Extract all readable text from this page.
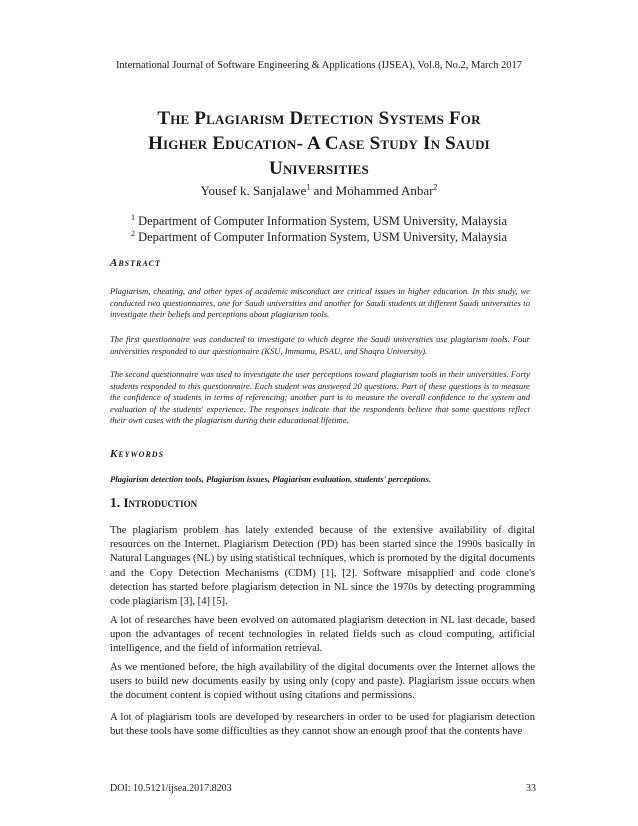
International Journal of Software Engineering & Applications (IJSEA), Vol.8, No.2, March 2017
The Plagiarism Detection Systems For
Higher Education- A Case Study In Saudi
Universities
Yousef k. Sanjalawe$^1$ and Mohammed Anbar$^2$
$^1$ Department of Computer Information System, USM University, Malaysia
$^2$ Department of Computer Information System, USM University, Malaysia
Abstract

Plagiarism, cheating, and other types of academic misconduct are critical issues in higher education. In this study, we conducted two questionnaires, one for Saudi universities and another for Saudi students at different Saudi universities to investigate their beliefs and perceptions about plagiarism tools.

The first questionnaire was conducted to investigate to which degree the Saudi universities use plagiarism tools. Four universities responded to our questionnaire (KSU, Immamu, PSAU, and Shaqra University).

The second questionnaire was used to investigate the user perceptions toward plagiarism tools in their universities. Forty students responded to this questionnaire. Each student was answered 20 questions. Part of these questions is to measure the confidence of students in terms of referencing; another part is to measure the overall confidence to the system and evaluation of the students' experience. The responses indicate that the respondents believe that some questions reflect their own cases with the plagiarism during their educational lifetime.

Keywords
Plagiarism detection tools, Plagiarism issues, Plagiarism evaluation, students' perceptions.
1. Introduction

The plagiarism problem has lately extended because of the extensive availability of digital resources on the Internet. Plagiarism Detection (PD) has been started since the 1990s basically in Natural Languages (NL) by using statistical techniques, which is promoted by the digital documents and the Copy Detection Mechanisms (CDM) [1], [2]. Software misapplied and code clone's detection has started before plagiarism detection in NL since the 1970s by detecting programming code plagiarism [3], [4] [5].

A lot of researches have been evolved on automated plagiarism detection in NL last decade, based upon the advantages of recent technologies in related fields such as cloud computing, artificial intelligence, and the field of information retrieval.

As we mentioned before, the high availability of the digital documents over the Internet allows the users to build new documents easily by using only (copy and paste). Plagiarism issue occurs when the document content is copied without using citations and permissions.

A lot of plagiarism tools are developed by researchers in order to be used for plagiarism detection but these tools have some difficulties as they cannot show an enough proof that the contents have

DOI: 10.5121/ijsea.2017.8203	33
